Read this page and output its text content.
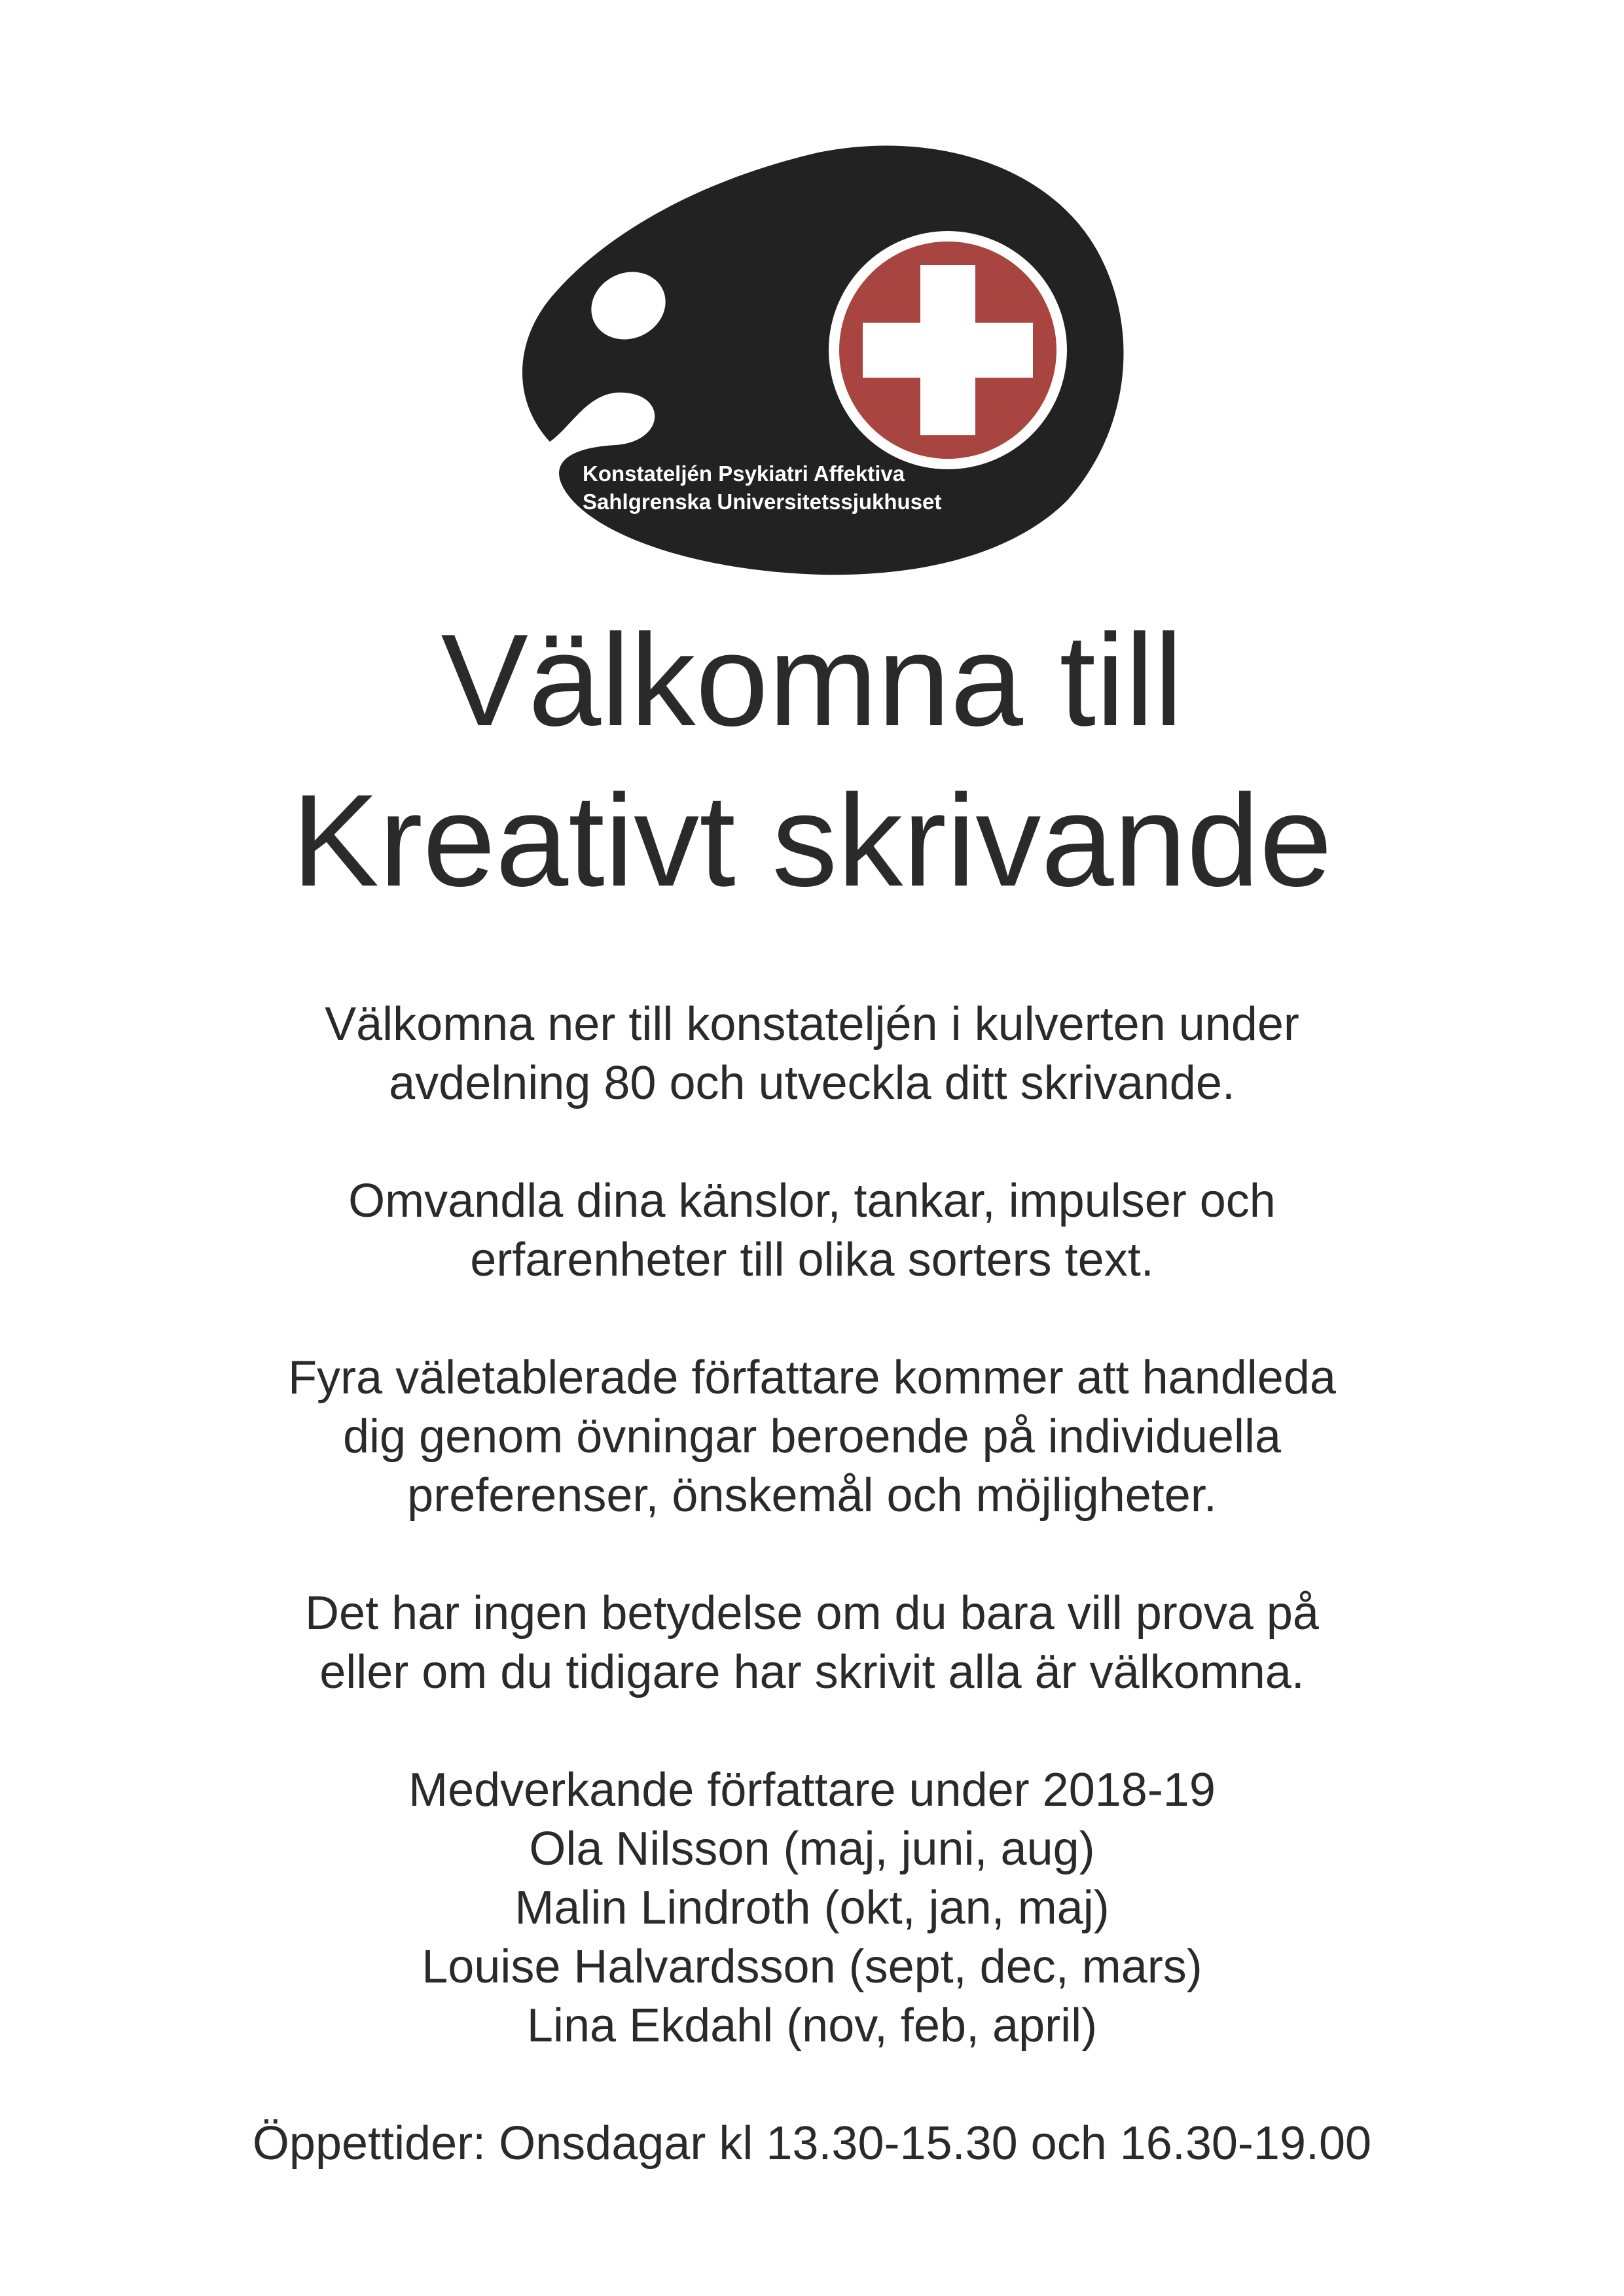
Konstateljén Psykiatri Affektiva
Sahlgrenska Universitetssjukhuset
Välkomna till
Kreativt skrivande
Välkomna ner till konstateljén i kulverten under
avdelning 80 och utveckla ditt skrivande.
Omvandla dina känslor, tankar, impulser och
erfarenheter till olika sorters text.
Fyra väletablerade författare kommer att handleda
dig genom övningar beroende på individuella
preferenser, önskemål och möjligheter.
Det har ingen betydelse om du bara vill prova på
eller om du tidigare har skrivit alla är välkomna.
Medverkande författare under 2018-19
Ola Nilsson (maj, juni, aug)
Malin Lindroth (okt, jan, maj)
Louise Halvardsson (sept, dec, mars)
Lina Ekdahl (nov, feb, april)
Öppettider: Onsdagar kl 13.30-15.30 och 16.30-19.00
